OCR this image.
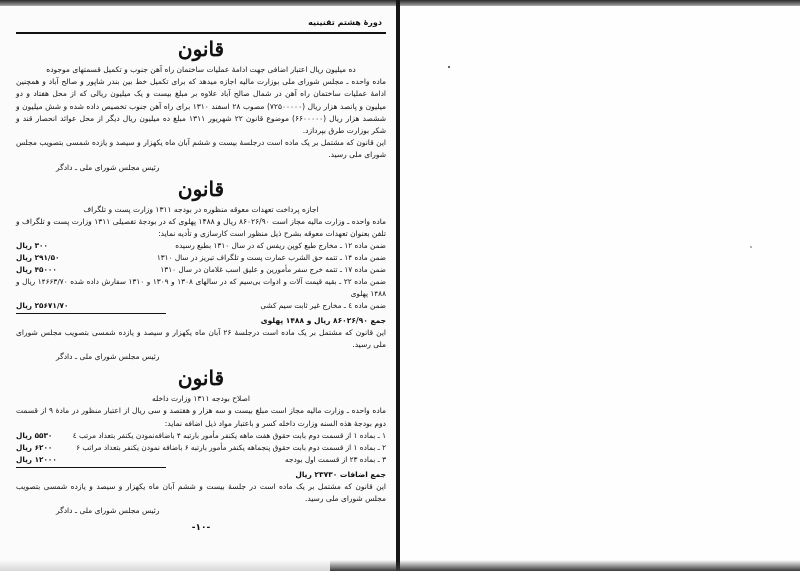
دورهٔ هشتم تقنینیه
قانون

ده میلیون ریال اعتبار اضافی جهت ادامهٔ عملیات ساختمان راه آهن جنوب و تکمیل قسمتهای موجوده

ماده واحده ـ مجلس شورای ملی بوزارت مالیه اجازه میدهد که برای تکمیل خط بین بندر شاپور و صالح آباد و همچنین ادامهٔ عملیات ساختمان راه آهن در شمال صالح آباد علاوه بر مبلغ بیست و یک میلیون ریالی که از محل هفتاد و دو میلیون و پانصد هزار ریال (۷۲۵۰۰۰۰۰) مصوب ۲۸ اسفند ۱۳۱۰ برای راه آهن جنوب تخصیص داده شده و شش میلیون و ششصد هزار ریال (۶۶۰۰۰۰۰) موضوع قانون ۲۲ شهریور ۱۳۱۱ مبلغ ده میلیون ریال دیگر از محل عوائد انحصار قند و شکر بوزارت طرق بپردازد.

این قانون که مشتمل بر یک ماده است درجلسهٔ بیست و ششم آبان ماه یکهزار و سیصد و یازده شمسی بتصویب مجلس شورای ملی رسید.

رئیس مجلس شورای ملی ـ دادگر
قانون
اجازه پرداخت تعهدات معوقه منظوره در بودجه ۱۳۱۱ وزارت پست و تلگراف

ماده واحده ـ وزارت مالیه مجاز است ۸۶۰۲۶/۹۰ ریال و ۱۴۸۸ پهلوی که در بودجهٔ تفصیلی ۱۳۱۱ وزارت پست و تلگراف و تلفن بعنوان تعهدات معوقه بشرح ذیل منظور است کارسازی و تأدیه نماید:

ضمن ماده ۱۲ ـ مخارج طبع کوپن ریفس که در سال ۱۳۱۰ بطبع رسیده
۳۰۰ ریال
ضمن ماده ۱۴ ـ تتمه حق الشرب عمارت پست و تلگراف تبریز در سال ۱۳۱۰
۲۹۱/۵۰ ریال
ضمن ماده ۱۷ ـ تتمه خرج سفر مأمورین و علیق اسب غلامان در سال ۱۳۱۰
۴۵۰۰۰ ریال
ضمن ماده ۲۲ ـ بقیه قیمت آلات و ادوات بی‌سیم که در سالهای ۱۳۰۸ و ۱۳۰۹ و ۱۳۱۰ سفارش داده شده ۱۴۶۶۳/۷۰ ریال و ۱۴۸۸ پهلوی
ضمن ماده ٤ ـ مخارج غیر ثابت سیم کشی
۲۵۶۷۱/۷۰ ریال
جمع ۸۶۰۲۶/۹۰ ریال و ۱۴۸۸ پهلوی

این قانون که مشتمل بر یک ماده است درجلسهٔ ۲۶ آبان ماه یکهزار و سیصد و یازده شمسی بتصویب مجلس شورای ملی رسید.

رئیس مجلس شورای ملی ـ دادگر
قانون
اصلاح بودجه ۱۳۱۱ وزارت داخله

ماده واحده ـ وزارت مالیه مجاز است مبلغ بیست و سه هزار و هفتصد و سی ریال از اعتبار منظور در مادهٔ ۹ از قسمت دوم بودجهٔ هذه السنه وزارت داخله کسر و باعتبار مواد ذیل اضافه نماید:

۱ ـ بماده ۱ از قسمت دوم بابت حقوق هفت ماهه یکنفر مأمور بارتبه ۴ باضافه‌نمودن یکنفر بتعداد مرتب ٤
۵۵۳۰ ریال
۲ ـ بماده ۱ از قسمت دوم بابت حقوق پنجماهه یکنفر مأمور بارتبه ۶ باضافه نمودن یکنفر بتعداد مراتب ۶
۶۲۰۰ ریال
۳ ـ بماده ۲۳ از قسمت اول بودجه
۱۲۰۰۰ ریال
جمع اضافات ۲۳۷۳۰ ریال

این قانون که مشتمل بر یک ماده است در جلسهٔ بیست و ششم آبان ماه یکهزار و سیصد و یازده شمسی بتصویب مجلس شورای ملی رسید.

رئیس مجلس شورای ملی ـ دادگر
-۱۰-
